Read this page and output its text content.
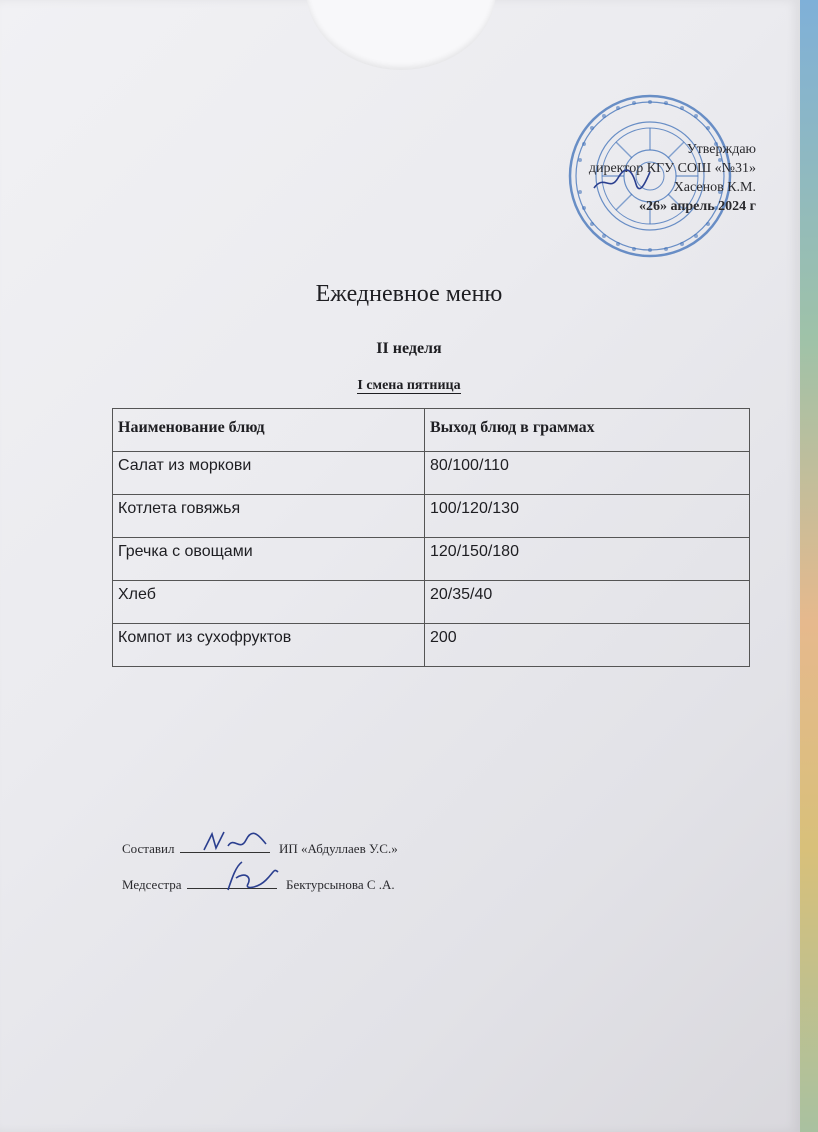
Утверждаю
директор КГУ СОШ «№31»
Хасенов К.М.
«26» апрель 2024 г
Ежедневное меню
II неделя
I смена пятница
Наименование блюд	Выход блюд в граммах
Салат из моркови	80/100/110
Котлета говяжья	100/120/130
Гречка с овощами	120/150/180
Хлеб	20/35/40
Компот из сухофруктов	200
Составил	ИП «Абдуллаев У.С.»
Медсестра	Бектурсынова С .А.
